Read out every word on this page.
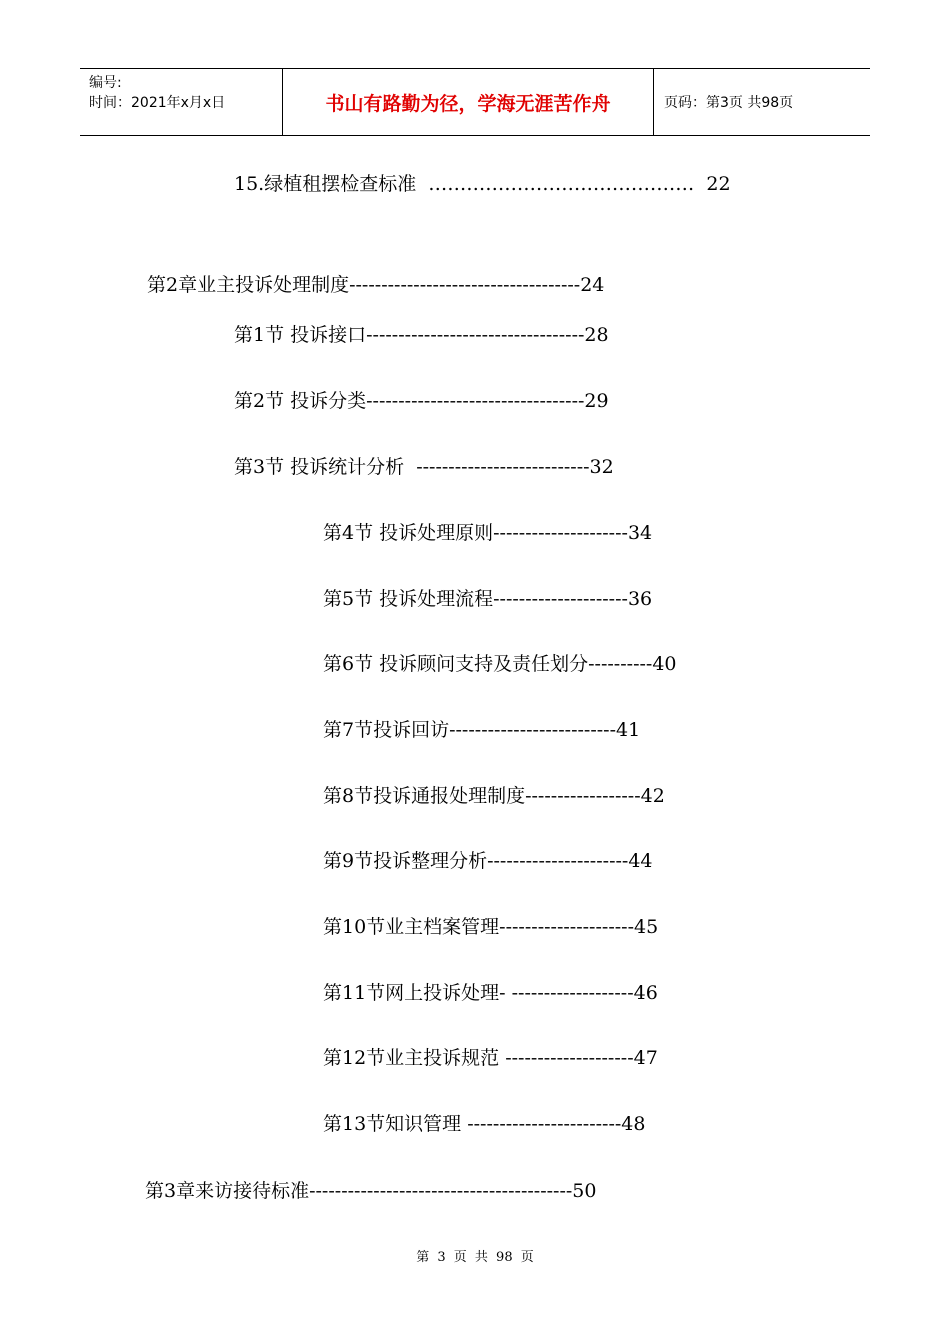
编号:
时间：2021年x月x日	书山有路勤为径，学海无涯苦作舟	页码：第3页 共98页

15.绿植租摆检查标准  ……………………………………  22

第2章业主投诉处理制度------------------------------------24

第1节 投诉接口----------------------------------28

第2节 投诉分类----------------------------------29

第3节 投诉统计分析  ---------------------------32

第4节 投诉处理原则---------------------34

第5节 投诉处理流程---------------------36

第6节 投诉顾问支持及责任划分----------40

第7节投诉回访--------------------------41

第8节投诉通报处理制度------------------42

第9节投诉整理分析----------------------44

第10节业主档案管理---------------------45

第11节网上投诉处理- -------------------46

第12节业主投诉规范 --------------------47

第13节知识管理 ------------------------48

第3章来访接待标准-----------------------------------------50

第 3 页 共 98 页
